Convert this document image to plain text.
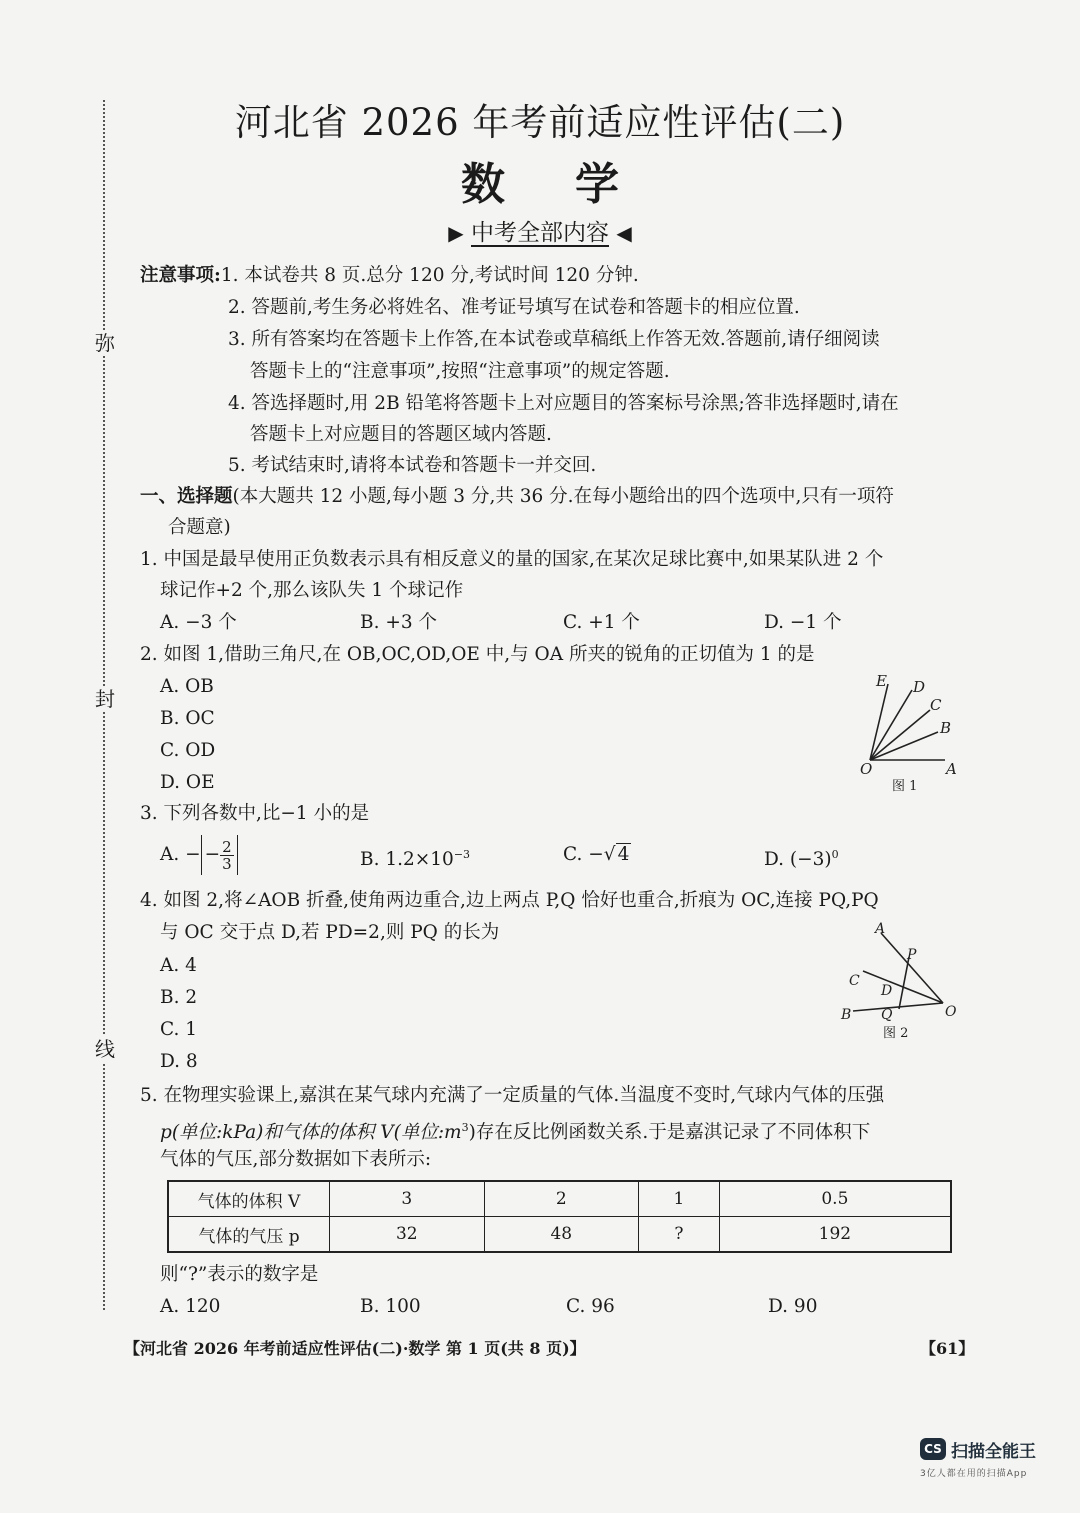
弥
封
线
河北省 2026 年考前适应性评估(二)
数学
▶ 中考全部内容 ◀
注意事项:1. 本试卷共 8 页.总分 120 分,考试时间 120 分钟.
2. 答题前,考生务必将姓名、准考证号填写在试卷和答题卡的相应位置.
3. 所有答案均在答题卡上作答,在本试卷或草稿纸上作答无效.答题前,请仔细阅读
答题卡上的“注意事项”,按照“注意事项”的规定答题.
4. 答选择题时,用 2B 铅笔将答题卡上对应题目的答案标号涂黑;答非选择题时,请在
答题卡上对应题目的答题区域内答题.
5. 考试结束时,请将本试卷和答题卡一并交回.
一、选择题(本大题共 12 小题,每小题 3 分,共 36 分.在每小题给出的四个选项中,只有一项符
合题意)
1. 中国是最早使用正负数表示具有相反意义的量的国家,在某次足球比赛中,如果某队进 2 个
球记作+2 个,那么该队失 1 个球记作
A. −3 个	B. +3 个	C. +1 个	D. −1 个
2. 如图 1,借助三角尺,在 OB,OC,OD,OE 中,与 OA 所夹的锐角的正切值为 1 的是
A. OB
B. OC
C. OD
D. OE
E D
C
B
O	A
图 1
3. 下列各数中,比−1 小的是
A. − − $\frac{2}{3}$	B. $1.2\times 10^{-3}$	C. −√ 4	D. $(-3)^0$
4. 如图 2,将∠AOB 折叠,使角两边重合,边上两点 P,Q 恰好也重合,折痕为 OC,连接 PQ,PQ
与 OC 交于点 D,若 PD=2,则 PQ 的长为
A. 4
B. 2
C. 1
D. 8
A
P
C
D
O
B Q
图 2
5. 在物理实验课上,嘉淇在某气球内充满了一定质量的气体.当温度不变时,气球内气体的压强
p(单位:kPa)和气体的体积 V(单位$:m^3$)存在反比例函数关系.于是嘉淇记录了不同体积下
气体的气压,部分数据如下表所示:
气体的体积 V	3	2	1	0.5
气体的气压 p	32	48	?	192
则“?”表示的数字是
A. 120	B. 100	C. 96	D. 90
【河北省 2026 年考前适应性评估(二)·数学 第 1 页(共 8 页)】	【61】
CS 扫描全能王
3亿人都在用的扫描App
